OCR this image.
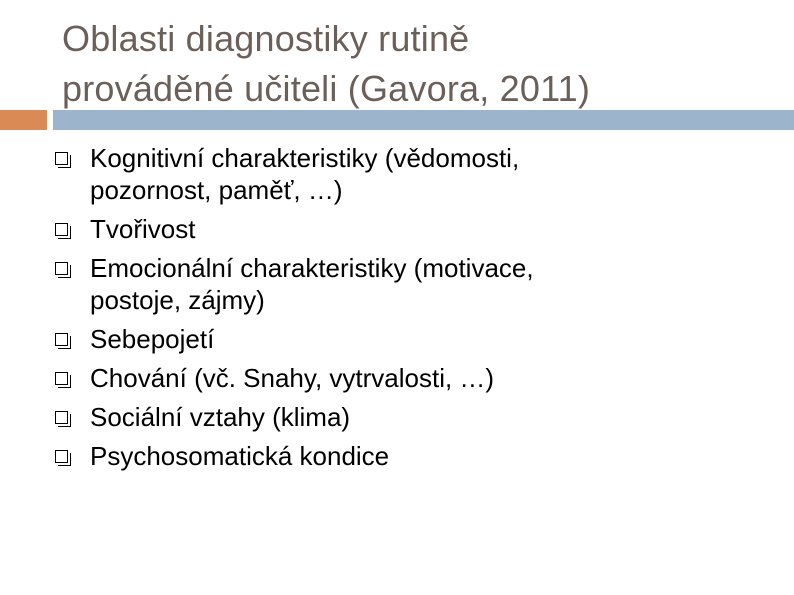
Oblasti diagnostiky rutině
prováděné učiteli (Gavora, 2011)
Kognitivní charakteristiky (vědomosti,
pozornost, paměť, …)
Tvořivost
Emocionální charakteristiky (motivace,
postoje, zájmy)
Sebepojetí
Chování (vč. Snahy, vytrvalosti, …)
Sociální vztahy (klima)
Psychosomatická kondice
